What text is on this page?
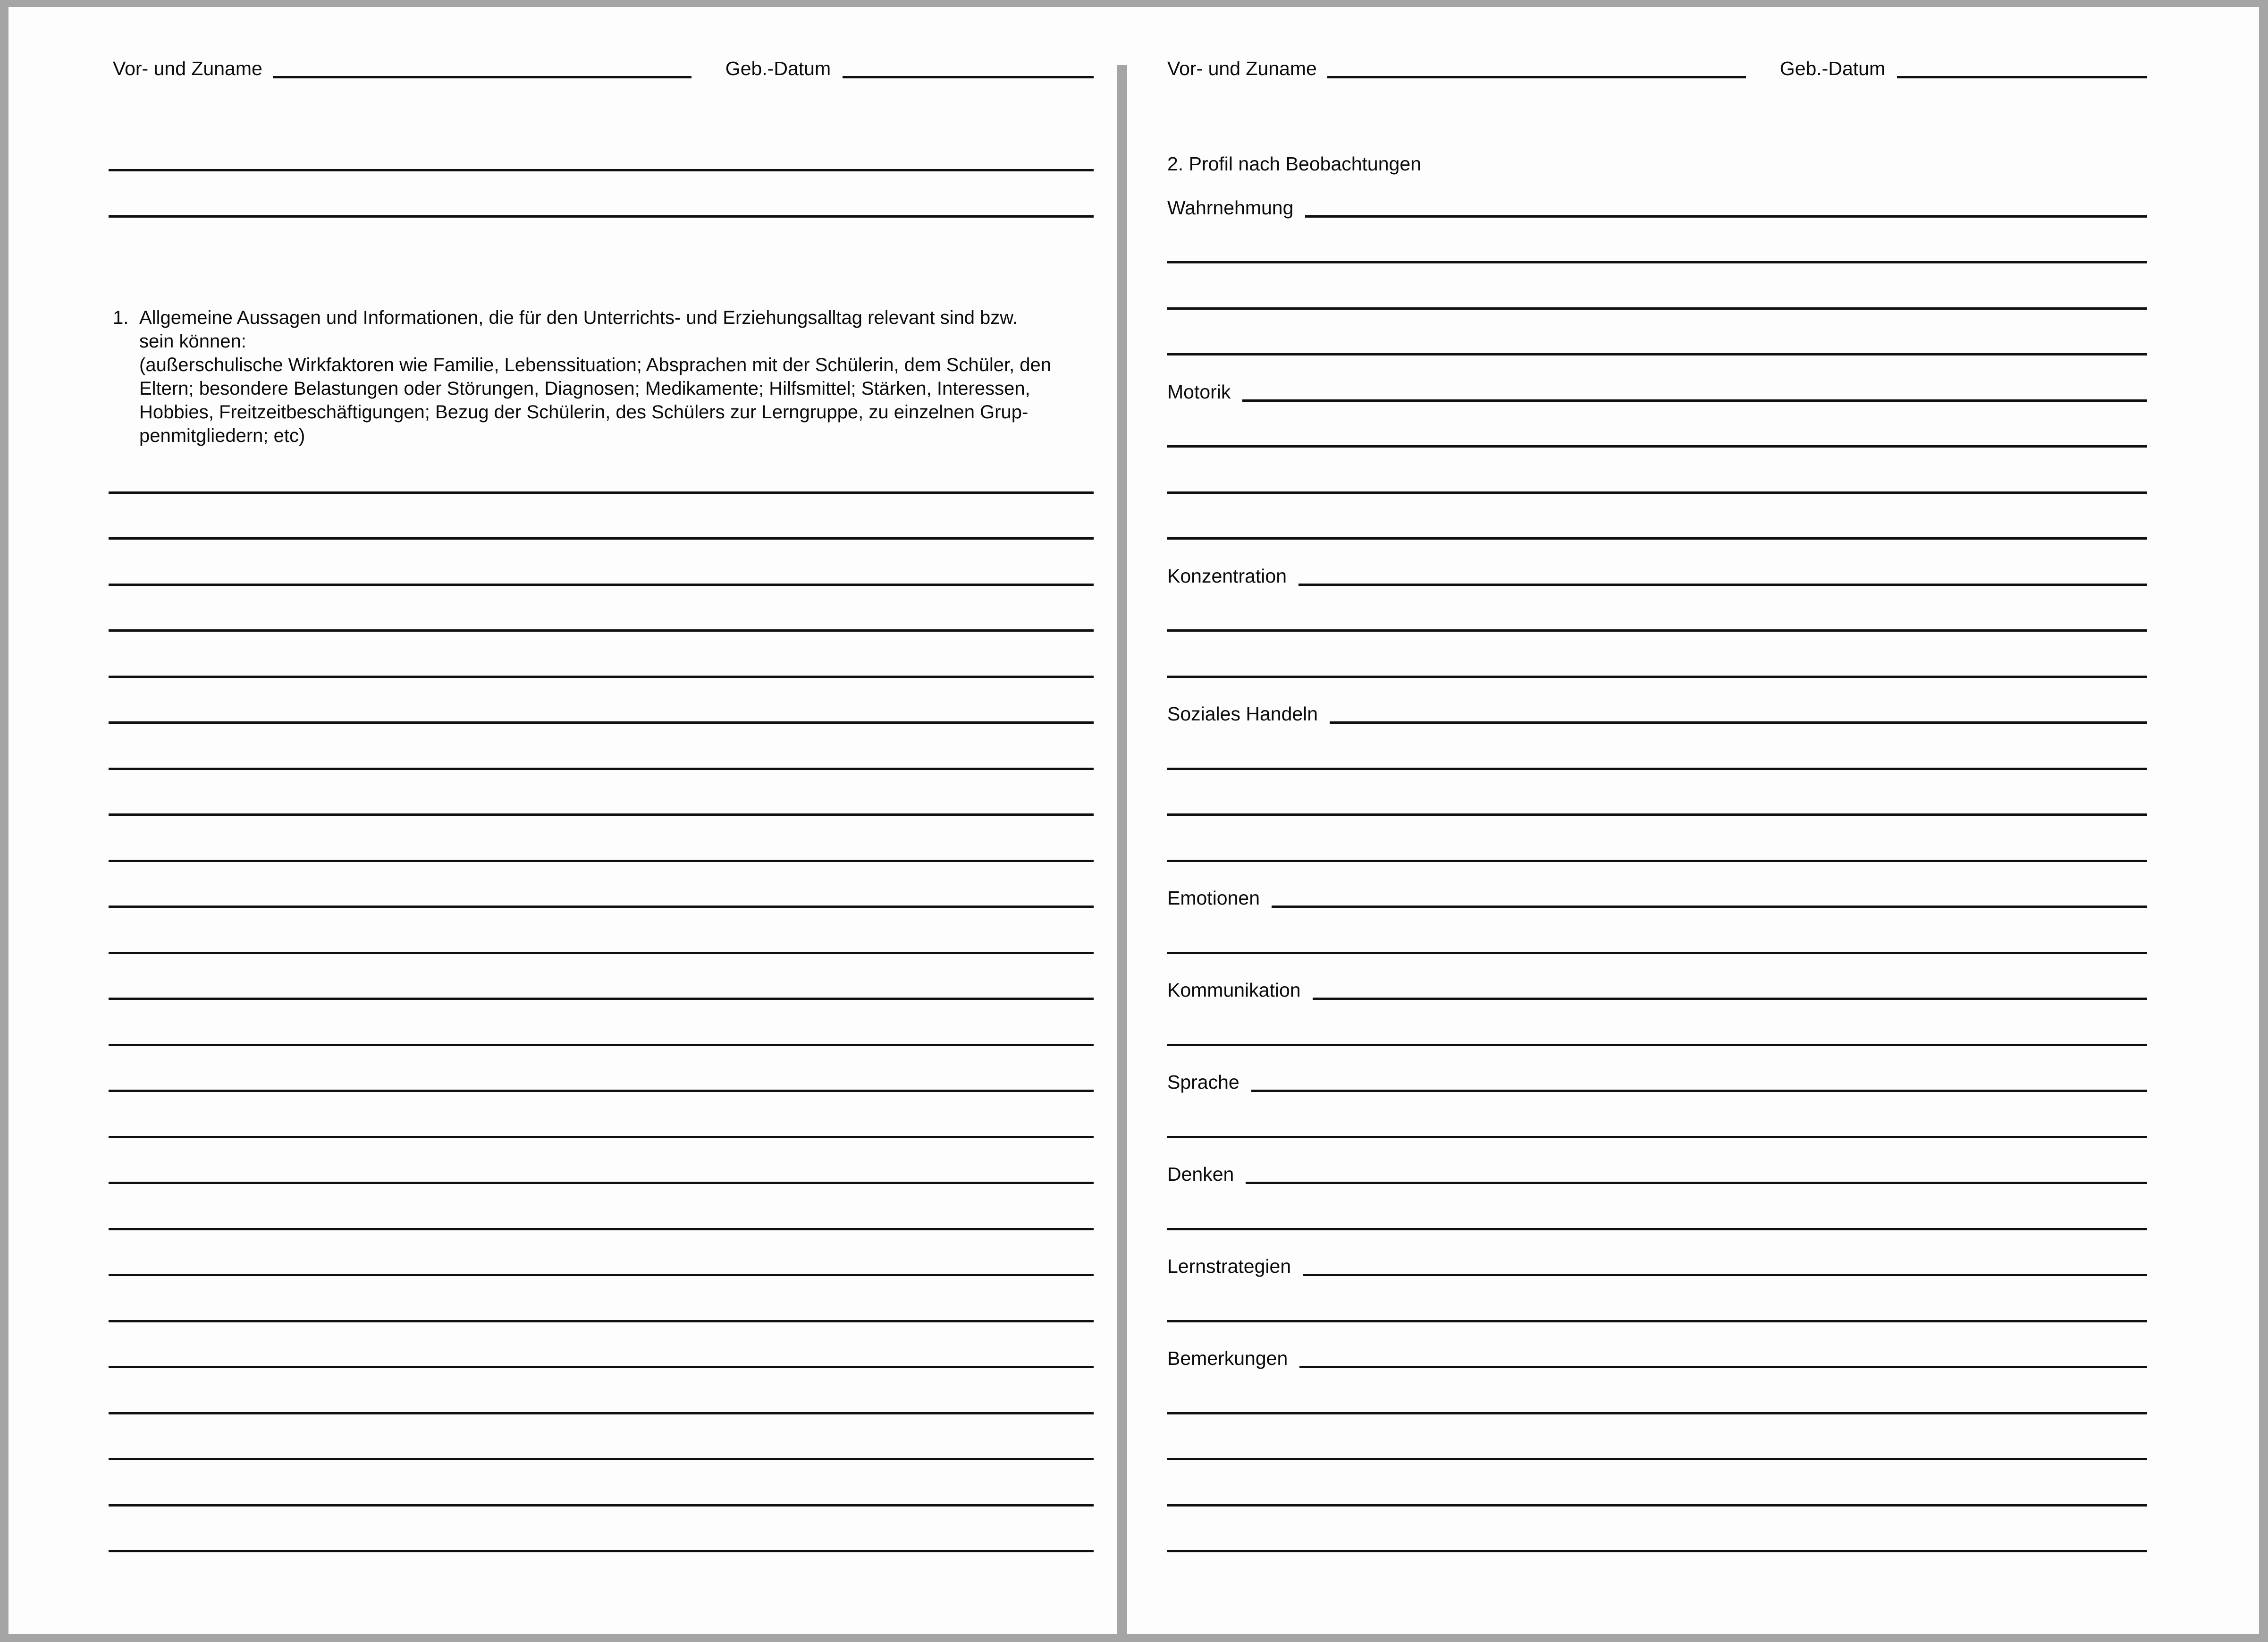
Vor- und Zuname	Geb.-Datum
1. Allgemeine Aussagen und Informationen, die für den Unterrichts- und Erziehungsalltag relevant sind bzw.
sein können:
(außerschulische Wirkfaktoren wie Familie, Lebenssituation; Absprachen mit der Schülerin, dem Schüler, den
Eltern; besondere Belastungen oder Störungen, Diagnosen; Medikamente; Hilfsmittel; Stärken, Interessen,
Hobbies, Freitzeitbeschäftigungen; Bezug der Schülerin, des Schülers zur Lerngruppe, zu einzelnen Grup-
penmitgliedern; etc)
Vor- und Zuname	Geb.-Datum
2. Profil nach Beobachtungen
Wahrnehmung
Motorik
Konzentration
Soziales Handeln
Emotionen
Kommunikation
Sprache
Denken
Lernstrategien
Bemerkungen
